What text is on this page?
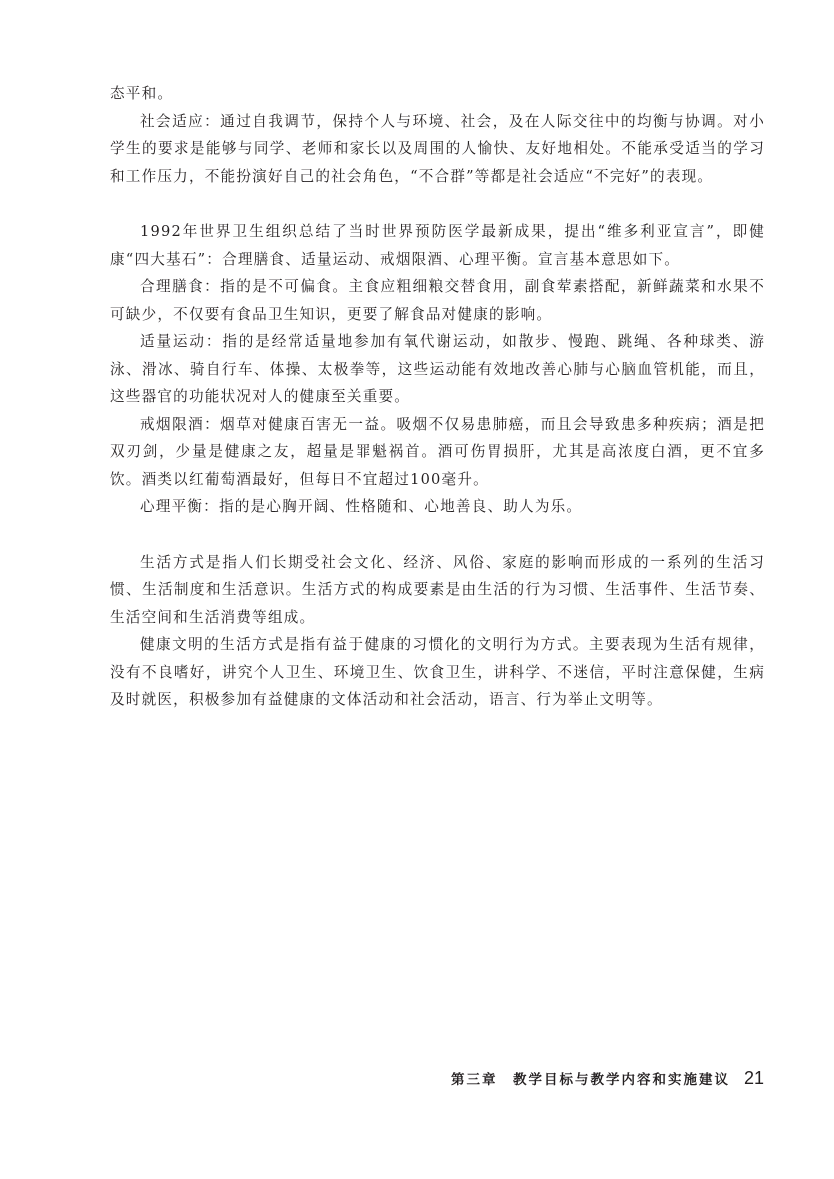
态平和。

社会适应：通过自我调节，保持个人与环境、社会，及在人际交往中的均衡与协调。对小学生的要求是能够与同学、老师和家长以及周围的人愉快、友好地相处。不能承受适当的学习和工作压力，不能扮演好自己的社会角色，“不合群”等都是社会适应“不完好”的表现。

1992年世界卫生组织总结了当时世界预防医学最新成果，提出“维多利亚宣言”，即健康“四大基石”：合理膳食、适量运动、戒烟限酒、心理平衡。宣言基本意思如下。

合理膳食：指的是不可偏食。主食应粗细粮交替食用，副食荤素搭配，新鲜蔬菜和水果不可缺少，不仅要有食品卫生知识，更要了解食品对健康的影响。

适量运动：指的是经常适量地参加有氧代谢运动，如散步、慢跑、跳绳、各种球类、游泳、滑冰、骑自行车、体操、太极拳等，这些运动能有效地改善心肺与心脑血管机能，而且，这些器官的功能状况对人的健康至关重要。

戒烟限酒：烟草对健康百害无一益。吸烟不仅易患肺癌，而且会导致患多种疾病；酒是把双刃剑，少量是健康之友，超量是罪魁祸首。酒可伤胃损肝，尤其是高浓度白酒，更不宜多饮。酒类以红葡萄酒最好，但每日不宜超过100毫升。

心理平衡：指的是心胸开阔、性格随和、心地善良、助人为乐。

生活方式是指人们长期受社会文化、经济、风俗、家庭的影响而形成的一系列的生活习惯、生活制度和生活意识。生活方式的构成要素是由生活的行为习惯、生活事件、生活节奏、生活空间和生活消费等组成。

健康文明的生活方式是指有益于健康的习惯化的文明行为方式。主要表现为生活有规律，没有不良嗜好，讲究个人卫生、环境卫生、饮食卫生，讲科学、不迷信，平时注意保健，生病及时就医，积极参加有益健康的文体活动和社会活动，语言、行为举止文明等。

第三章　教学目标与教学内容和实施建议 21
